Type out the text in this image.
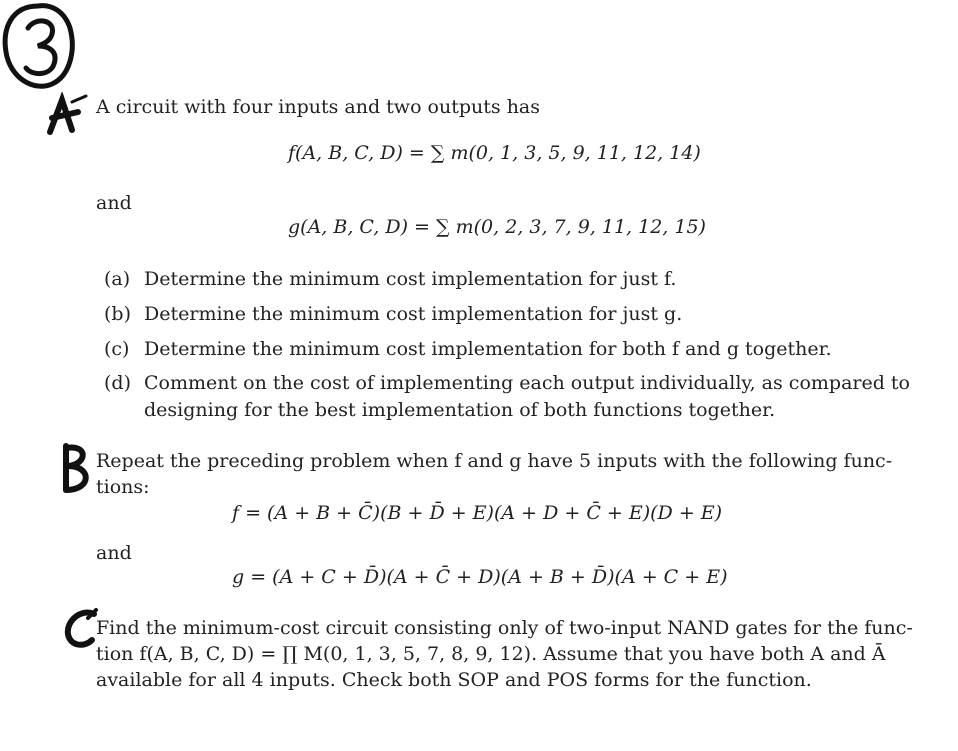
A circuit with four inputs and two outputs has
f(A, B, C, D) = ∑ m(0, 1, 3, 5, 9, 11, 12, 14)
and
g(A, B, C, D) = ∑ m(0, 2, 3, 7, 9, 11, 12, 15)
(a) Determine the minimum cost implementation for just f.
(b) Determine the minimum cost implementation for just g.
(c) Determine the minimum cost implementation for both f and g together.
(d) Comment on the cost of implementing each output individually, as compared to
designing for the best implementation of both functions together.
Repeat the preceding problem when f and g have 5 inputs with the following func-
tions:
f = (A + B + C̄)(B + D̄ + E)(A + D + C̄ + E)(D + E)
and
g = (A + C + D̄)(A + C̄ + D)(A + B + D̄)(A + C + E)
Find the minimum-cost circuit consisting only of two-input NAND gates for the func-
tion f(A, B, C, D) = ∏ M(0, 1, 3, 5, 7, 8, 9, 12). Assume that you have both A and Ā
available for all 4 inputs. Check both SOP and POS forms for the function.
